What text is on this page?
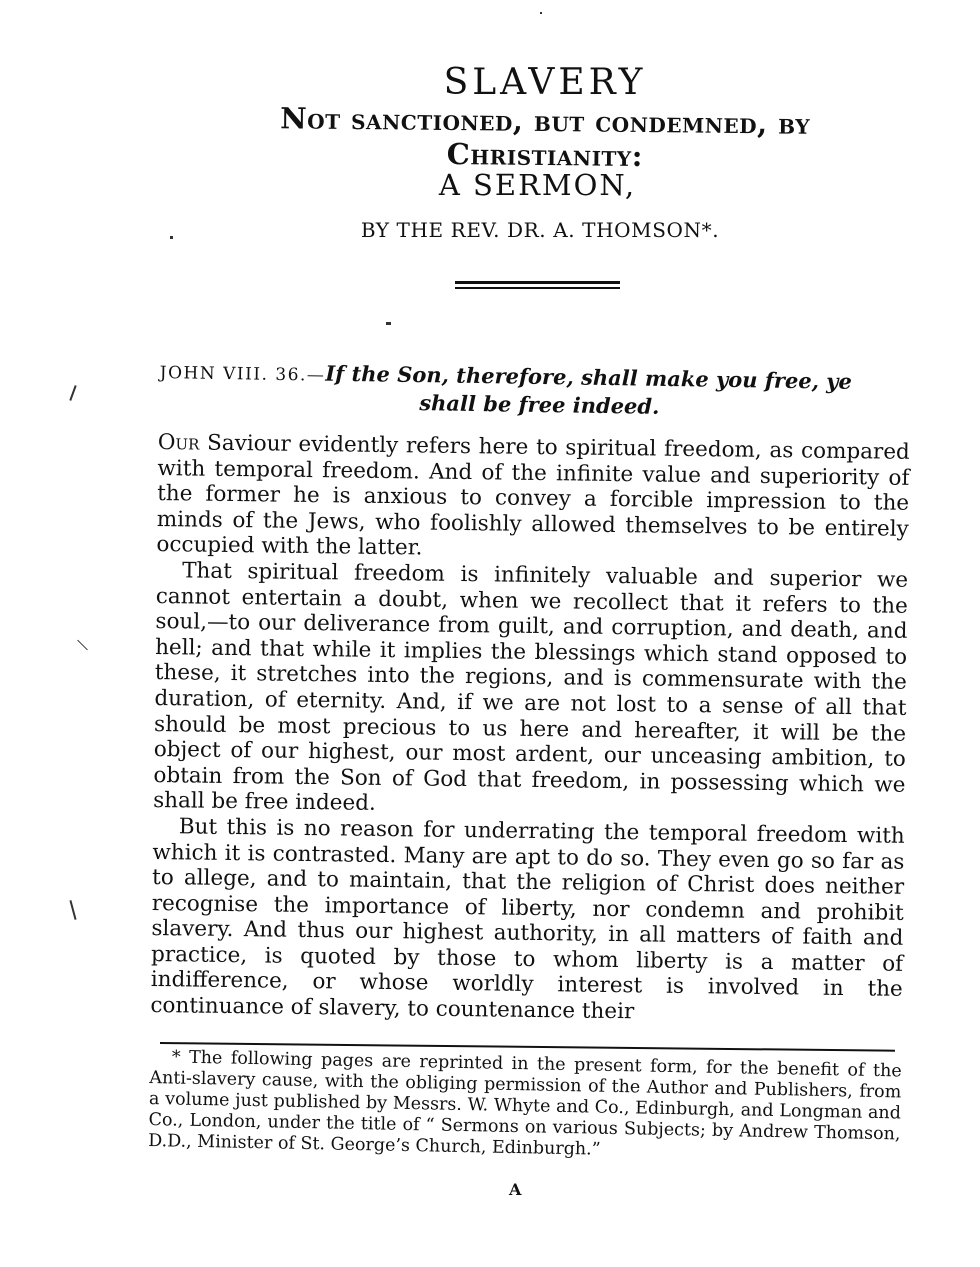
SLAVERY
Not sanctioned, but condemned, by Christianity:
A SERMON,
BY THE REV. DR. A. THOMSON*.
JOHN VIII. 36.—If the Son, therefore, shall make you free, ye
shall be free indeed.

Our Saviour evidently refers here to spiritual freedom, as compared with temporal freedom. And of the infinite value and superiority of the former he is anxious to convey a forcible impression to the minds of the Jews, who foolishly allowed themselves to be entirely occupied with the latter.

That spiritual freedom is infinitely valuable and superior we cannot entertain a doubt, when we recollect that it refers to the soul,—to our deliverance from guilt, and corruption, and death, and hell; and that while it implies the blessings which stand opposed to these, it stretches into the regions, and is commensurate with the duration, of eternity. And, if we are not lost to a sense of all that should be most precious to us here and hereafter, it will be the object of our highest, our most ardent, our unceasing ambition, to obtain from the Son of God that freedom, in possessing which we shall be free indeed.

But this is no reason for underrating the temporal freedom with which it is contrasted. Many are apt to do so. They even go so far as to allege, and to maintain, that the religion of Christ does neither recognise the importance of liberty, nor condemn and prohibit slavery. And thus our highest authority, in all matters of faith and practice, is quoted by those to whom liberty is a matter of indifference, or whose worldly interest is involved in the continuance of slavery, to countenance their

* The following pages are reprinted in the present form, for the benefit of the Anti-slavery cause, with the obliging permission of the Author and Publishers, from a volume just published by Messrs. W. Whyte and Co., Edinburgh, and Longman and Co., London, under the title of “ Sermons on various Subjects; by Andrew Thomson, D.D., Minister of St. George’s Church, Edinburgh.”

A
